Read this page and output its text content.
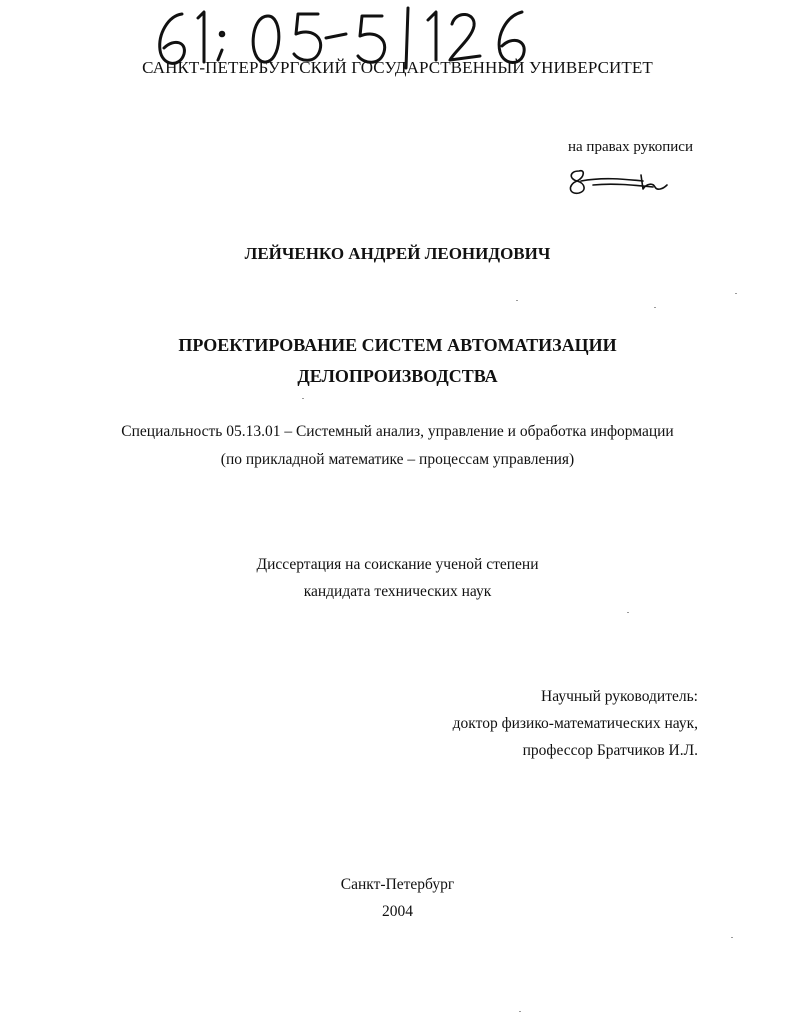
САНКТ-ПЕТЕРБУРГСКИЙ ГОСУДАРСТВЕННЫЙ УНИВЕРСИТЕТ
на правах рукописи
ЛЕЙЧЕНКО АНДРЕЙ ЛЕОНИДОВИЧ
ПРОЕКТИРОВАНИЕ СИСТЕМ АВТОМАТИЗАЦИИ
ДЕЛОПРОИЗВОДСТВА
Специальность 05.13.01 – Системный анализ, управление и обработка информации
(по прикладной математике – процессам управления)
Диссертация на соискание ученой степени
кандидата технических наук
Научный руководитель:
доктор физико-математических наук,
профессор Братчиков И.Л.
Санкт-Петербург
2004
